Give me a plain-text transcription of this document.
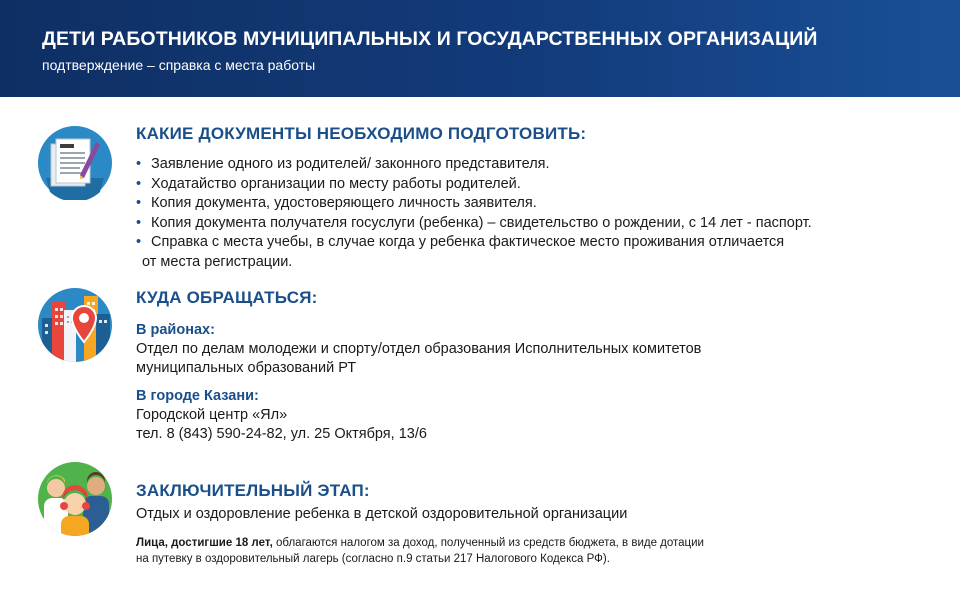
ДЕТИ РАБОТНИКОВ МУНИЦИПАЛЬНЫХ И ГОСУДАРСТВЕННЫХ ОРГАНИЗАЦИЙ
подтверждение – справка с места работы
КАКИЕ ДОКУМЕНТЫ НЕОБХОДИМО ПОДГОТОВИТЬ:
• Заявление одного из родителей/ законного представителя.
• Ходатайство организации по месту работы родителей.
• Копия документа, удостоверяющего личность заявителя.
• Копия документа получателя госуслуги (ребенка) – свидетельство о рождении, с 14 лет - паспорт.
• Справка с места учебы, в случае когда у ребенка фактическое место проживания отличается
от места регистрации.
КУДА ОБРАЩАТЬСЯ:
В районах:
Отдел по делам молодежи и спорту/отдел образования Исполнительных комитетов
муниципальных образований РТ
В городе Казани:
Городской центр «Ял»
тел. 8 (843) 590-24-82, ул. 25 Октября, 13/6
ЗАКЛЮЧИТЕЛЬНЫЙ ЭТАП:
Отдых и оздоровление ребенка в детской оздоровительной организации
Лица, достигшие 18 лет, облагаются налогом за доход, полученный из средств бюджета, в виде дотации
на путевку в оздоровительный лагерь (согласно п.9 статьи 217 Налогового Кодекса РФ).
